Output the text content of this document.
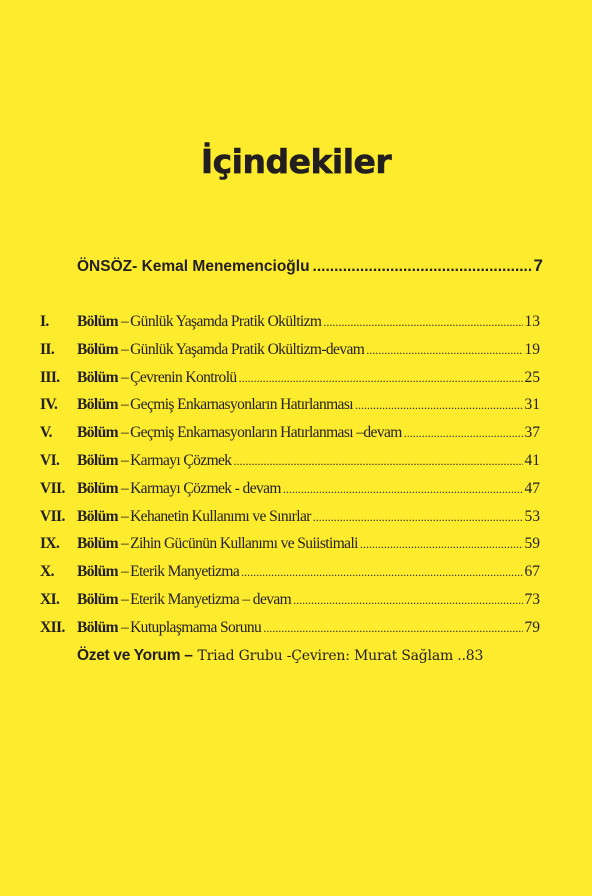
İçindekiler
ÖNSÖZ- Kemal Menemencioğlu .....	7
I.	Bölüm – Günlük Yaşamda Pratik Okültizm .....	13
II.	Bölüm – Günlük Yaşamda Pratik Okültizm-devam .....	19
III.	Bölüm – Çevrenin Kontrolü .....	25
IV.	Bölüm – Geçmiş Enkarnasyonların Hatırlanması .....	31
V.	Bölüm – Geçmiş Enkarnasyonların Hatırlanması –devam .....	37
VI.	Bölüm – Karmayı Çözmek .....	41
VII. Bölüm – Karmayı Çözmek - devam .....	47
VII. Bölüm – Kehanetin Kullanımı ve Sınırlar .....	53
IX.	Bölüm – Zihin Gücünün Kullanımı ve Suiistimali .....	59
X.	Bölüm – Eterik Manyetizma .....	67
XI.	Bölüm – Eterik Manyetizma – devam .....	73
XII. Bölüm – Kutuplaşmama Sorunu .....	79
Özet ve Yorum – Triad Grubu -Çeviren: Murat Sağlam ..83
